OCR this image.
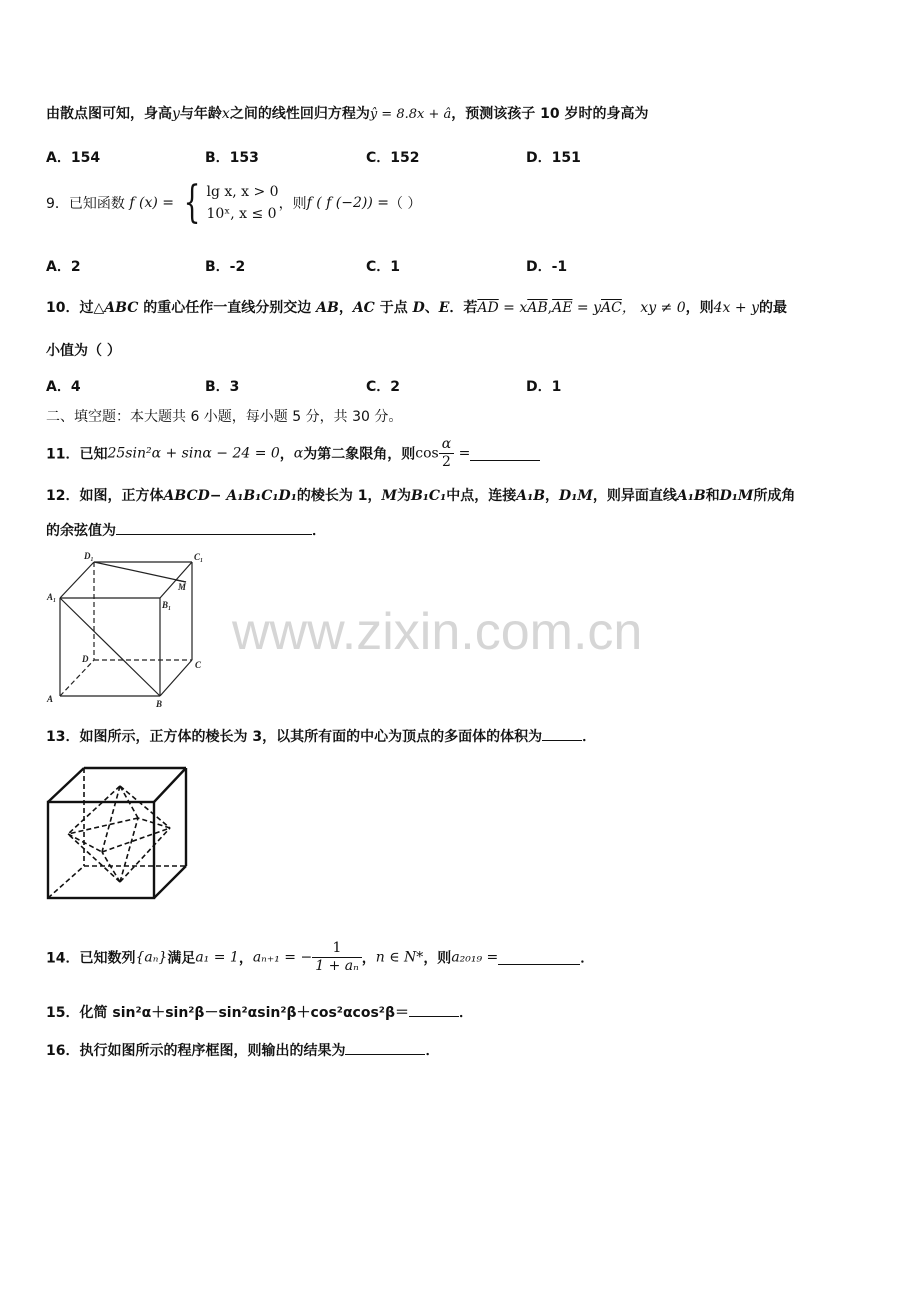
由散点图可知，身高y与年龄x之间的线性回归方程为ŷ = 8.8x + â，预测该孩子 10 岁时的身高为
A．154	B．153	C．152	D．151
9．已知函数 f (x) = { lg x, x > 0
10ˣ, x ≤ 0
，则f ( f (−2)) =（ ）
A．2	B．-2	C．1	D．-1
10．过△ABC 的重心任作一直线分别交边 AB，AC 于点 D、E．若$\overline{AD} = x\overline{AB},\overline{AE} = y\overline{AC}$， xy ≠ 0，则4x + y的最
小值为（ ）
A．4	B．3	C．2	D．1
二、填空题：本大题共 6 小题，每小题 5 分，共 30 分。
11．已知25sin²α + sinα − 24 = 0，α为第二象限角，则$\cos \frac{\alpha}{2}$ =
12．如图，正方体ABCD− A₁B₁C₁D₁的棱长为 1，M为B₁C₁中点，连接A₁B，D₁M，则异面直线A₁B和D₁M所成角
的余弦值为	．
D₁	C₁
A₁
B₁
M
D
C
A	B
www.zixin.com.cn
13．如图所示，正方体的棱长为 3，以其所有面的中心为顶点的多面体的体积为	．
14．已知数列{aₙ}满足a₁ = 1，aₙ₊₁ = − $\frac{1}{\text{1 + aₙ}}$ ，n ∈ N*，则a₂₀₁₉ =	．
15．化简 sin²α＋sin²β－sin²αsin²β＋cos²αcos²β＝	．
16．执行如图所示的程序框图，则输出的结果为	．
